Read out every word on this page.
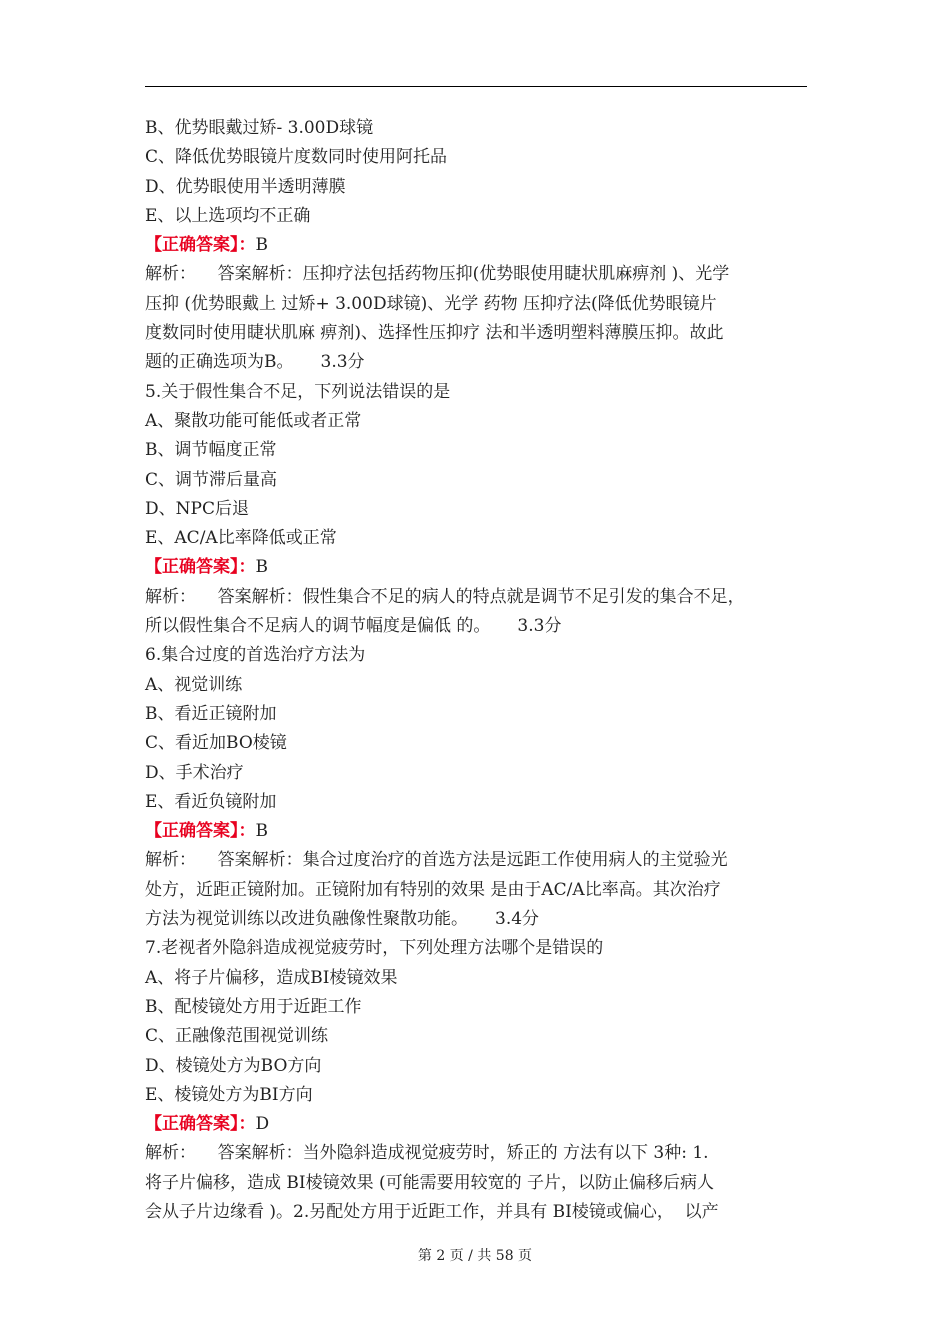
B、优势眼戴过矫- 3.00D球镜
C、降低优势眼镜片度数同时使用阿托品
D、优势眼使用半透明薄膜
E、以上选项均不正确
【正确答案】：B
解析：    答案解析：压抑疗法包括药物压抑(优势眼使用睫状肌麻痹剂 )、光学
压抑 (优势眼戴上 过矫+ 3.00D球镜)、光学 药物 压抑疗法(降低优势眼镜片
度数同时使用睫状肌麻 痹剂)、选择性压抑疗 法和半透明塑料薄膜压抑。故此
题的正确选项为B。     3.3分
5.关于假性集合不足，下列说法错误的是
A、聚散功能可能低或者正常
B、调节幅度正常
C、调节滞后量高
D、NPC后退
E、AC/A比率降低或正常
【正确答案】：B
解析：    答案解析：假性集合不足的病人的特点就是调节不足引发的集合不足，
所以假性集合不足病人的调节幅度是偏低 的。     3.3分
6.集合过度的首选治疗方法为
A、视觉训练
B、看近正镜附加
C、看近加BO棱镜
D、手术治疗
E、看近负镜附加
【正确答案】：B
解析：    答案解析：集合过度治疗的首选方法是远距工作使用病人的主觉验光
处方，近距正镜附加。正镜附加有特别的效果 是由于AC/A比率高。其次治疗
方法为视觉训练以改进负融像性聚散功能。     3.4分
7.老视者外隐斜造成视觉疲劳时，下列处理方法哪个是错误的
A、将子片偏移，造成BI棱镜效果
B、配棱镜处方用于近距工作
C、正融像范围视觉训练
D、棱镜处方为BO方向
E、棱镜处方为BI方向
【正确答案】：D
解析：    答案解析：当外隐斜造成视觉疲劳时，矫正的 方法有以下 3种: 1.
将子片偏移，造成 BI棱镜效果 (可能需要用较宽的 子片，以防止偏移后病人
会从子片边缘看 )。2.另配处方用于近距工作，并具有 BI棱镜或偏心，  以产
第 2 页 / 共 58 页
